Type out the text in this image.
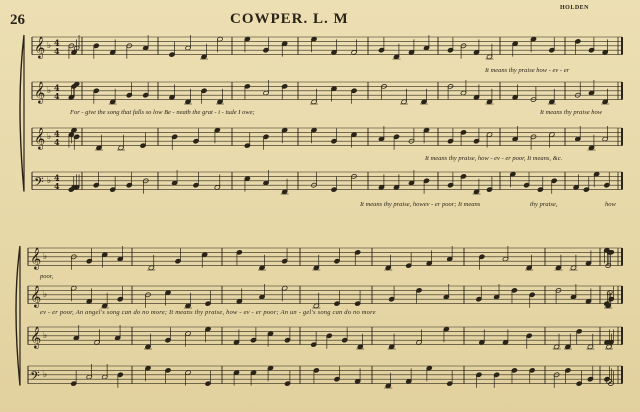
26	COWPER. L. M
HOLDEN
𝄞 ♭ 4
4
𝄞 ♭ 4
4
𝄞 ♭ 4
4
𝄢 ♭ 4
4
𝄞 ♭
𝄞 ♭
𝄞 ♭
𝄢 ♭
It means thy praise how - ev - er
For - give the song that falls so low Be - neath the grat - i - tude I owe;	It means thy praise how
It means thy praise, how - ev - er poor, It means, &c.
It means thy praise, howev - er poor; It means	thy praise,	how
poor,
ev - er poor, An angel's song can do no more; It means thy praise, how - ev - er poor; An un - gel's song can do no more
